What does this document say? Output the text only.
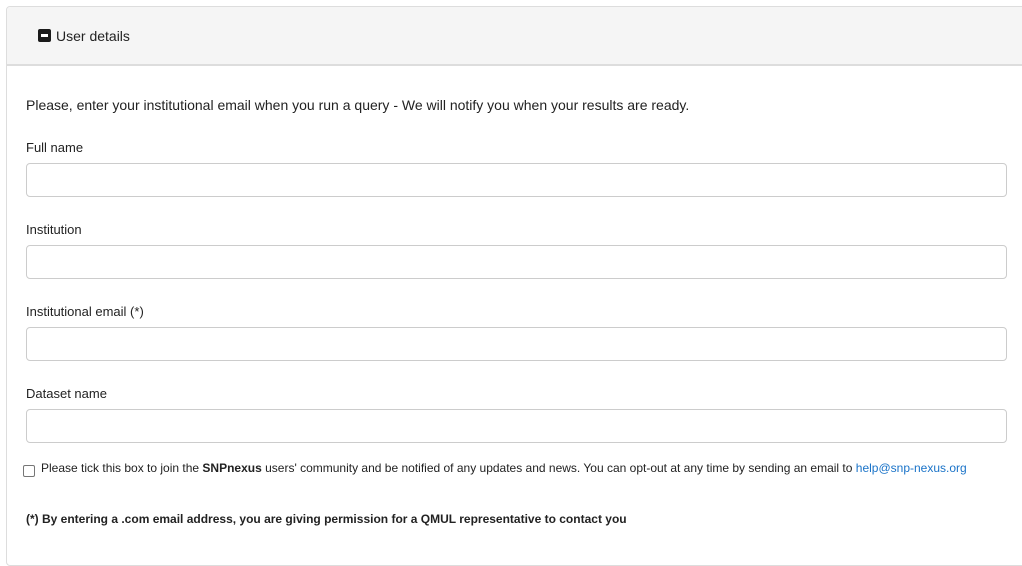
User details
Please, enter your institutional email when you run a query - We will notify you when your results are ready.
Full name
Institution
Institutional email (*)
Dataset name
Please tick this box to join the SNPnexus users' community and be notified of any updates and news. You can opt-out at any time by sending an email to help@snp-nexus.org
(*) By entering a .com email address, you are giving permission for a QMUL representative to contact you
